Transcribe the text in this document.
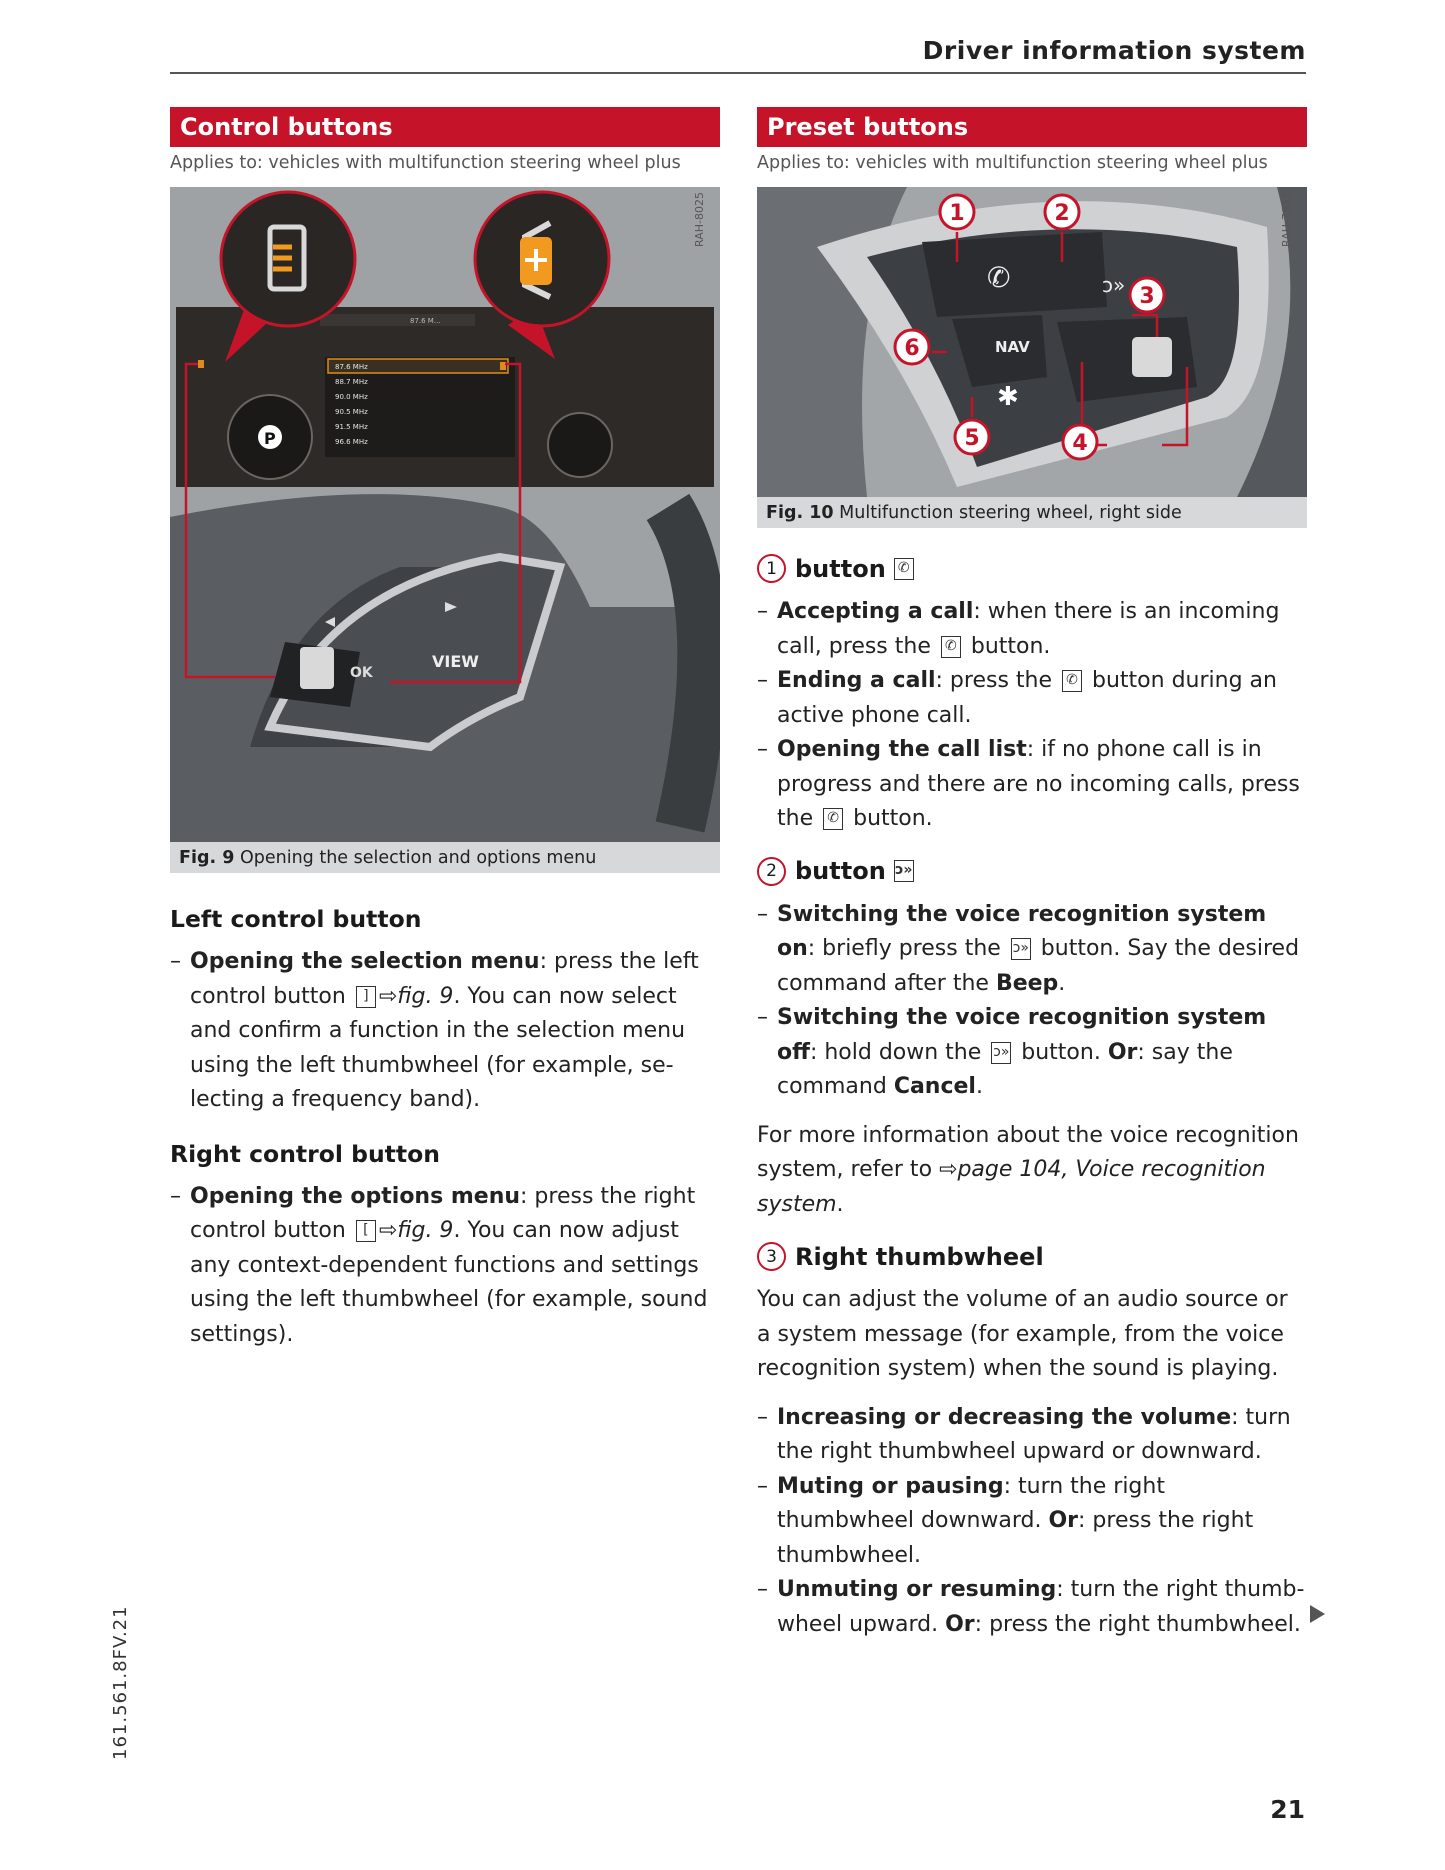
Driver information system
Control buttons
Applies to: vehicles with multifunction steering wheel plus
87.6 M...
P
87.6 MHz
88.7 MHz
90.0 MHz
90.5 MHz
91.5 MHz
96.6 MHz
OK
VIEW
RAH-8025
Fig. 9 Opening the selection and options menu
Left control button
– Opening the selection menu: press the left control button ] ⇨fig. 9. You can now select and confirm a function in the selection menu using the left thumbwheel (for example, selecting a frequency band).
Right control button
– Opening the options menu: press the right control button [ ⇨fig. 9. You can now adjust any context-dependent functions and settings using the left thumbwheel (for example, sound settings).
Preset buttons
Applies to: vehicles with multifunction steering wheel plus
✆	ↄ»
NAV
✱
1	2
3
4
5
6
RAH-7952
Fig. 10 Multifunction steering wheel, right side
1 button ✆
– Accepting a call: when there is an incoming call, press the ✆ button.
– Ending a call: press the ✆ button during an active phone call.
– Opening the call list: if no phone call is in progress and there are no incoming calls, press the ✆ button.
2 button ↄ»
– Switching the voice recognition system on: briefly press the ↄ» button. Say the desired command after the Beep.
– Switching the voice recognition system off: hold down the ↄ» button. Or: say the command Cancel.

For more information about the voice recognition system, refer to ⇨page 104, Voice recognition system.

3 Right thumbwheel

You can adjust the volume of an audio source or a system message (for example, from the voice recognition system) when the sound is playing.

– Increasing or decreasing the volume: turn the right thumbwheel upward or downward.
– Muting or pausing: turn the right thumbwheel downward. Or: press the right thumbwheel.
– Unmuting or resuming: turn the right thumbwheel upward. Or: press the right thumbwheel.
21
161.561.8FV.21
